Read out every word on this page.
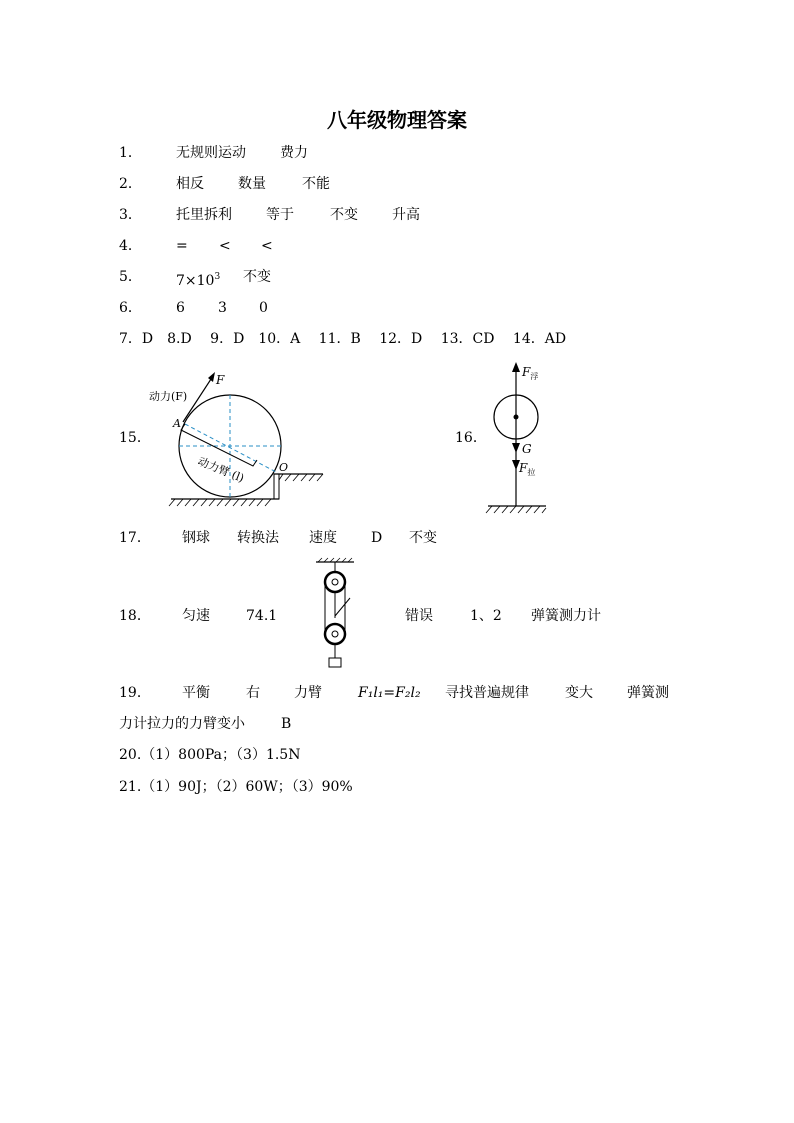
八年级物理答案
1． 无规则运动 费力
2． 相反 数量	不能
3． 托里拆利 等于	不变 升高
4． = < <
5． $7\times 10^3$ 不变
6． 6 3 0
7．D　8.D　 9．D　10．A　 11．B　 12．D　 13．CD　 14．AD
15．
F
动力(F)
A
动力臂 (l)	O
16．
$F_浮$
G
$F_拉$
17． 钢球 转换法 速度 D 不变
18． 匀速	74.1	错误	1、2 弹簧测力计
19． 平衡	右 力臂	F₁l₁=F₂l₂ 寻找普遍规律	变大 弹簧测
力计拉力的力臂变小	B
20.（1）800Pa；（3）1.5N
21.（1）90J；（2）60W；（3）90%
